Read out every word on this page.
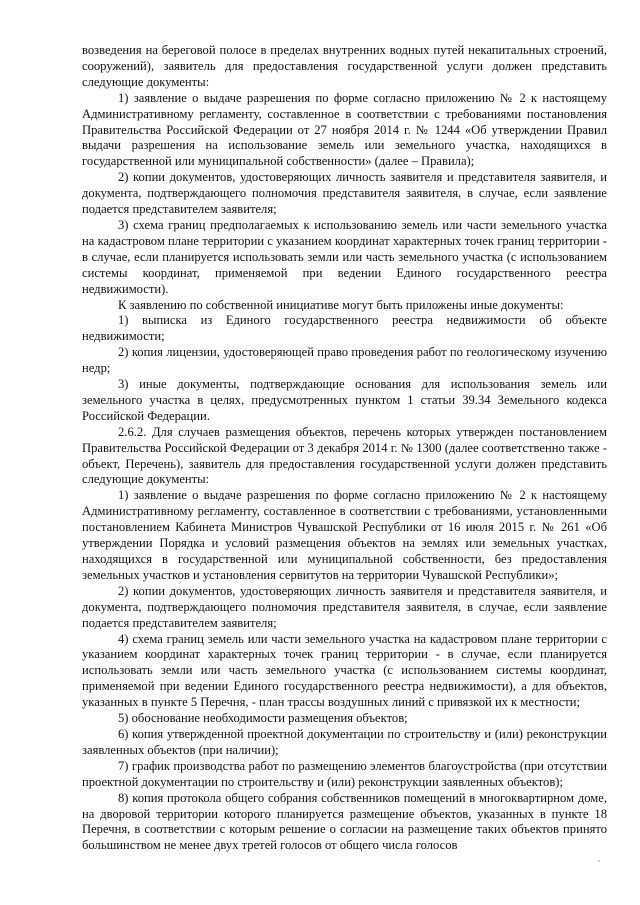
возведения на береговой полосе в пределах внутренних водных путей некапитальных строений, сооружений), заявитель для предоставления государственной услуги должен представить следующие документы:

1) заявление о выдаче разрешения по форме согласно приложению № 2 к настоящему Административному регламенту, составленное в соответствии с требованиями постановления Правительства Российской Федерации от 27 ноября 2014 г. № 1244 «Об утверждении Правил выдачи разрешения на использование земель или земельного участка, находящихся в государственной или муниципальной собственности» (далее – Правила);

2) копии документов, удостоверяющих личность заявителя и представителя заявителя, и документа, подтверждающего полномочия представителя заявителя, в случае, если заявление подается представителем заявителя;

3) схема границ предполагаемых к использованию земель или части земельного участка на кадастровом плане территории с указанием координат характерных точек границ территории - в случае, если планируется использовать земли или часть земельного участка (с использованием системы координат, применяемой при ведении Единого государственного реестра недвижимости).

К заявлению по собственной инициативе могут быть приложены иные документы:

1) выписка из Единого государственного реестра недвижимости об объекте недвижимости;

2) копия лицензии, удостоверяющей право проведения работ по геологическому изучению недр;

3) иные документы, подтверждающие основания для использования земель или земельного участка в целях, предусмотренных пунктом 1 статьи 39.34 Земельного кодекса Российской Федерации.

2.6.2. Для случаев размещения объектов, перечень которых утвержден постановлением Правительства Российской Федерации от 3 декабря 2014 г. № 1300 (далее соответственно также - объект, Перечень), заявитель для предоставления государственной услуги должен представить следующие документы:

1) заявление о выдаче разрешения по форме согласно приложению № 2 к настоящему Административному регламенту, составленное в соответствии с требованиями, установленными постановлением Кабинета Министров Чувашской Республики от 16 июля 2015 г. № 261 «Об утверждении Порядка и условий размещения объектов на землях или земельных участках, находящихся в государственной или муниципальной собственности, без предоставления земельных участков и установления сервитутов на территории Чувашской Республики»;

2) копии документов, удостоверяющих личность заявителя и представителя заявителя, и документа, подтверждающего полномочия представителя заявителя, в случае, если заявление подается представителем заявителя;

4) схема границ земель или части земельного участка на кадастровом плане территории с указанием координат характерных точек границ территории - в случае, если планируется использовать земли или часть земельного участка (с использованием системы координат, применяемой при ведении Единого государственного реестра недвижимости), а для объектов, указанных в пункте 5 Перечня, - план трассы воздушных линий с привязкой их к местности;

5) обоснование необходимости размещения объектов;

6) копия утвержденной проектной документации по строительству и (или) реконструкции заявленных объектов (при наличии);

7) график производства работ по размещению элементов благоустройства (при отсутствии проектной документации по строительству и (или) реконструкции заявленных объектов);

8) копия протокола общего собрания собственников помещений в многоквартирном доме, на дворовой территории которого планируется размещение объектов, указанных в пункте 18 Перечня, в соответствии с которым решение о согласии на размещение таких объектов принято большинством не менее двух третей голосов от общего числа голосов
